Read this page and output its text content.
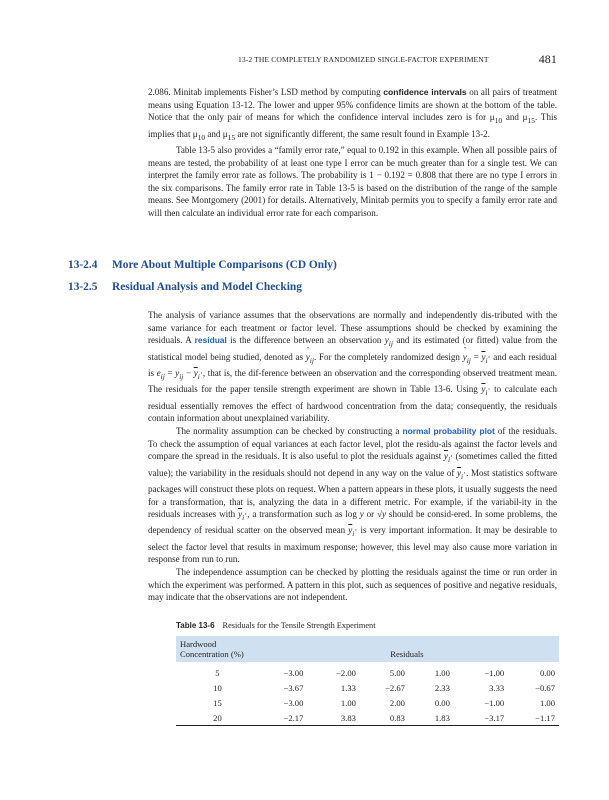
13-2 THE COMPLETELY RANDOMIZED SINGLE-FACTOR EXPERIMENT	481

2.086. Minitab implements Fisher’s LSD method by computing confidence intervals on all pairs of treatment means using Equation 13-12. The lower and upper 95% confidence limits are shown at the bottom of the table. Notice that the only pair of means for which the confidence interval includes zero is for $\mu_{10}$ and $\mu_{15}$. This implies that $\mu_{10}$ and $\mu_{15}$ are not significantly different, the same result found in Example 13-2.

Table 13-5 also provides a “family error rate,” equal to 0.192 in this example. When all possible pairs of means are tested, the probability of at least one type I error can be much greater than for a single test. We can interpret the family error rate as follows. The probability is 1 − 0.192 = 0.808 that there are no type I errors in the six comparisons. The family error rate in Table 13-5 is based on the distribution of the range of the sample means. See Montgomery (2001) for details. Alternatively, Minitab permits you to specify a family error rate and will then calculate an individual error rate for each comparison.

13-2.4 More About Multiple Comparisons (CD Only)
13-2.5 Residual Analysis and Model Checking

The analysis of variance assumes that the observations are normally and independently dis-tributed with the same variance for each treatment or factor level. These assumptions should be checked by examining the residuals. A residual is the difference between an observation $y_{ij}$ and its estimated (or fitted) value from the statistical model being studied, denoted as ˆ $y_{ij}$. For the completely randomized design ˆ $y_{ij} = \overline{y}_i\cdot$ and each residual is $e_{ij} = y_{ij} - \overline{y}_i\cdot$, that is, the dif-ference between an observation and the corresponding observed treatment mean. The residuals for the paper tensile strength experiment are shown in Table 13-6. Using $\overline{y}_i\cdot$ to calculate each residual essentially removes the effect of hardwood concentration from the data; consequently, the residuals contain information about unexplained variability.

The normality assumption can be checked by constructing a normal probability plot of the residuals. To check the assumption of equal variances at each factor level, plot the residu-als against the factor levels and compare the spread in the residuals. It is also useful to plot the residuals against $\overline{y}_i\cdot$ (sometimes called the fitted value); the variability in the residuals should not depend in any way on the value of $\overline{y}_i\cdot$. Most statistics software packages will construct these plots on request. When a pattern appears in these plots, it usually suggests the need for a transformation, that is, analyzing the data in a different metric. For example, if the variabil-ity in the residuals increases with $\overline{y}_i\cdot$, a transformation such as log y or √y should be consid-ered. In some problems, the dependency of residual scatter on the observed mean $\overline{y}_i\cdot$ is very important information. It may be desirable to select the factor level that results in maximum response; however, this level may also cause more variation in response from run to run.

The independence assumption can be checked by plotting the residuals against the time or run order in which the experiment was performed. A pattern in this plot, such as sequences of positive and negative residuals, may indicate that the observations are not independent.

Table 13-6 Residuals for the Tensile Strength Experiment
Hardwood
Concentration (%)	Residuals					
5	−3.00	−2.00	5.00	1.00	−1.00	0.00
10	−3.67	1.33	−2.67	2.33	3.33	−0.67
15	−3.00	1.00	2.00	0.00	−1.00	1.00
20	−2.17	3.83	0.83	1.83	−3.17	−1.17
